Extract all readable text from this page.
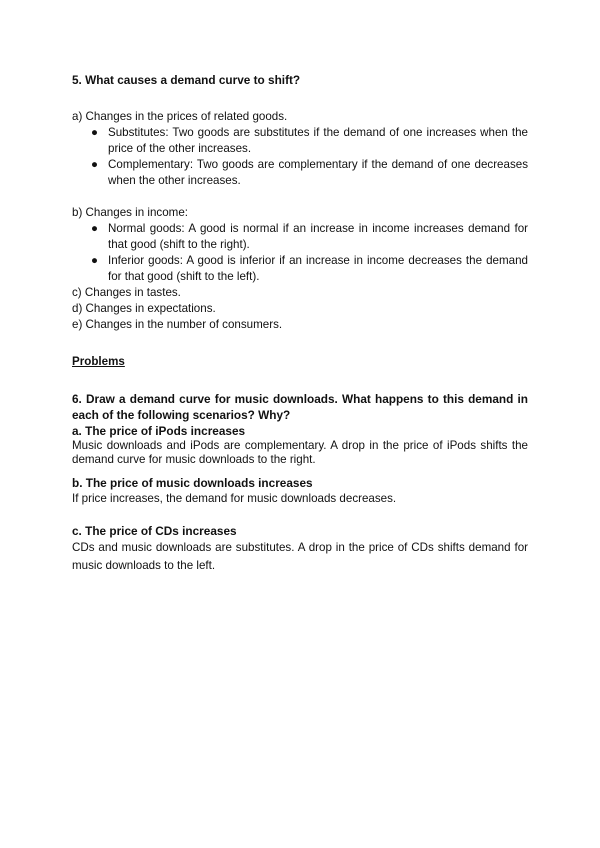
5. What causes a demand curve to shift?
a) Changes in the prices of related goods.
● Substitutes: Two goods are substitutes if the demand of one increases when the price of the other increases.
● Complementary: Two goods are complementary if the demand of one decreases when the other increases.
b) Changes in income:
● Normal goods: A good is normal if an increase in income increases demand for that good (shift to the right).
● Inferior goods: A good is inferior if an increase in income decreases the demand for that good (shift to the left).
c) Changes in tastes.
d) Changes in expectations.
e) Changes in the number of consumers.
Problems
6. Draw a demand curve for music downloads. What happens to this demand in each of the following scenarios? Why?
a. The price of iPods increases
Music downloads and iPods are complementary. A drop in the price of iPods shifts the demand curve for music downloads to the right.
b. The price of music downloads increases
If price increases, the demand for music downloads decreases.
c. The price of CDs increases
CDs and music downloads are substitutes. A drop in the price of CDs shifts demand for music downloads to the left.
